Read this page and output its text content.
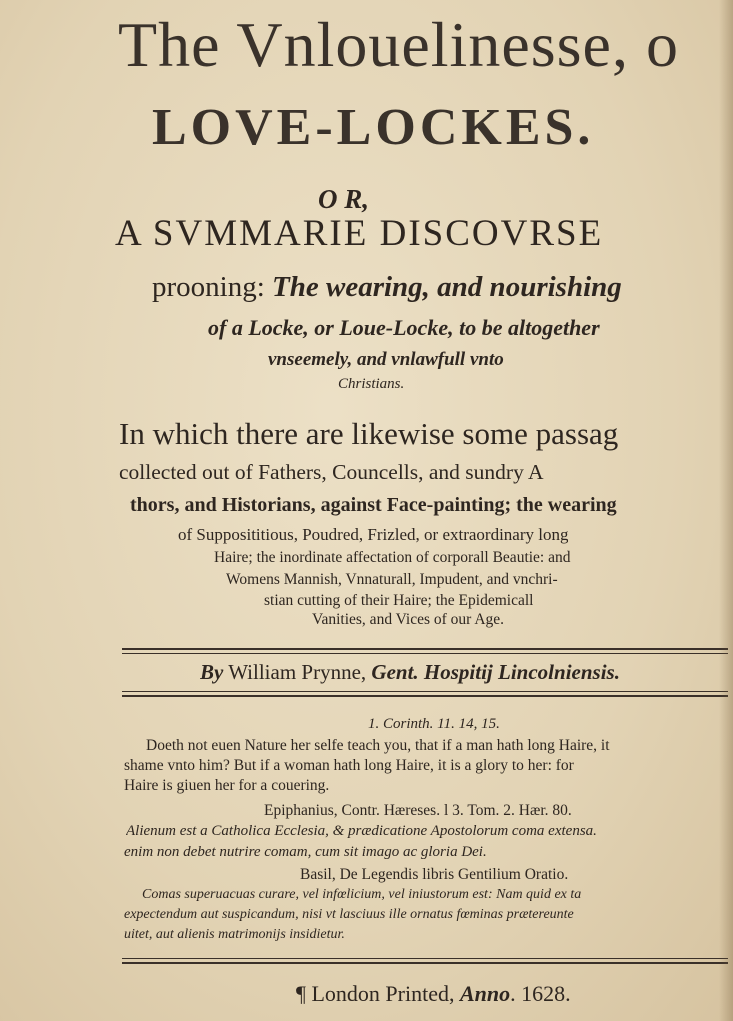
The Vnlouelinesse, o
LOVE-LOCKES.
O R,
A SVMMARIE DISCOVRSE
prooning: The wearing, and nourishing
of a Locke, or Loue-Locke, to be altogether
vnseemely, and vnlawfull vnto
Christians.
In which there are likewise some passag
collected out of Fathers, Councells, and sundry A
thors, and Historians, against Face-painting; the wearing
of Supposititious, Poudred, Frizled, or extraordinary long
Haire; the inordinate affectation of corporall Beautie: and
Womens Mannish, Vnnaturall, Impudent, and vnchri-
stian cutting of their Haire; the Epidemicall
Vanities, and Vices of our Age.
By William Prynne, Gent. Hospitij Lincolniensis.
1. Corinth. 11. 14, 15.
Doeth not euen Nature her selfe teach you, that if a man hath long Haire, it
shame vnto him? But if a woman hath long Haire, it is a glory to her: for
Haire is giuen her for a couering.
Epiphanius, Contr. Hæreses. l 3. Tom. 2. Hær. 80.
Alienum est a Catholica Ecclesia, & prædicatione Apostolorum coma extensa.
enim non debet nutrire comam, cum sit imago ac gloria Dei.
Basil, De Legendis libris Gentilium Oratio.
Comas superuacuas curare, vel infœlicium, vel iniustorum est: Nam quid ex ta
expectendum aut suspicandum, nisi vt lasciuus ille ornatus fœminas prætereunte
uitet, aut alienis matrimonijs insidietur.
¶ London Printed, Anno. 1628.
